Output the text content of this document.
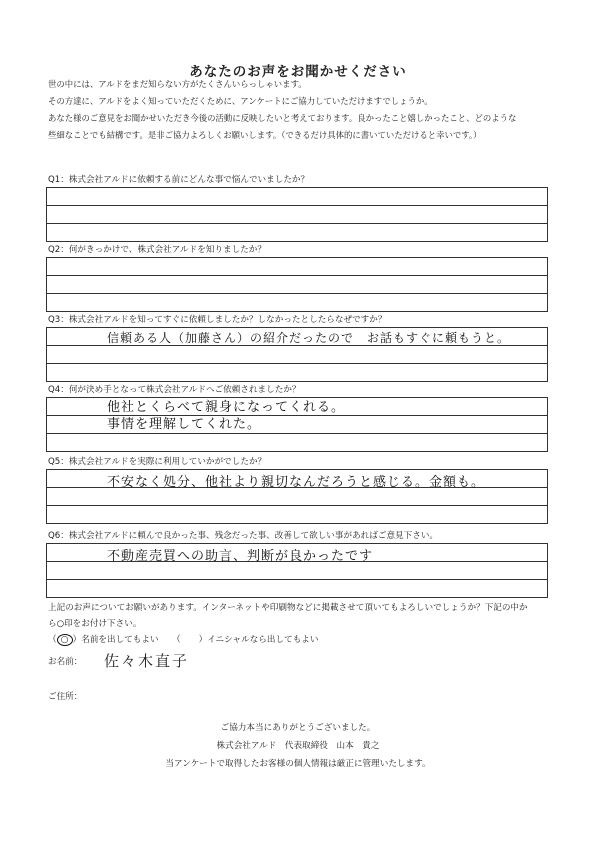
あなたのお声をお聞かせください
世の中には、アルドをまだ知らない方がたくさんいらっしゃいます。
その方達に、アルドをよく知っていただくために、アンケートにご協力していただけますでしょうか。
あなた様のご意見をお聞かせいただき今後の活動に反映したいと考えております。良かったこと嬉しかったこと、どのような
些細なことでも結構です。是非ご協力よろしくお願いします。（できるだけ具体的に書いていただけると幸いです。）
Q1：株式会社アルドに依頼する前にどんな事で悩んでいましたか？
Q2：何がきっかけで、株式会社アルドを知りましたか？
Q3：株式会社アルドを知ってすぐに依頼しましたか？しなかったとしたらなぜですか？
信頼ある人（加藤さん）の紹介だったので　お話もすぐに頼もうと。
Q4：何が決め手となって株式会社アルドへご依頼されましたか？
他社とくらべて親身になってくれる。
事情を理解してくれた。
Q5：株式会社アルドを実際に利用していかがでしたか？
不安なく処分、他社より親切なんだろうと感じる。金額も。
Q6：株式会社アルドに頼んで良かった事、残念だった事、改善して欲しい事があればご意見下さい。
不動産売買への助言、判断が良かったです
上記のお声についてお願いがあります。インターネットや印刷物などに掲載させて頂いてもよろしいでしょうか？下記の中か
ら○印をお付け下さい。
（ ○ ）名前を出してもよい （ ）イニシャルなら出してもよい
お名前： 佐々木直子
ご住所：
ご協力本当にありがとうございました。
株式会社アルド　代表取締役　山本　貴之
当アンケートで取得したお客様の個人情報は厳正に管理いたします。
